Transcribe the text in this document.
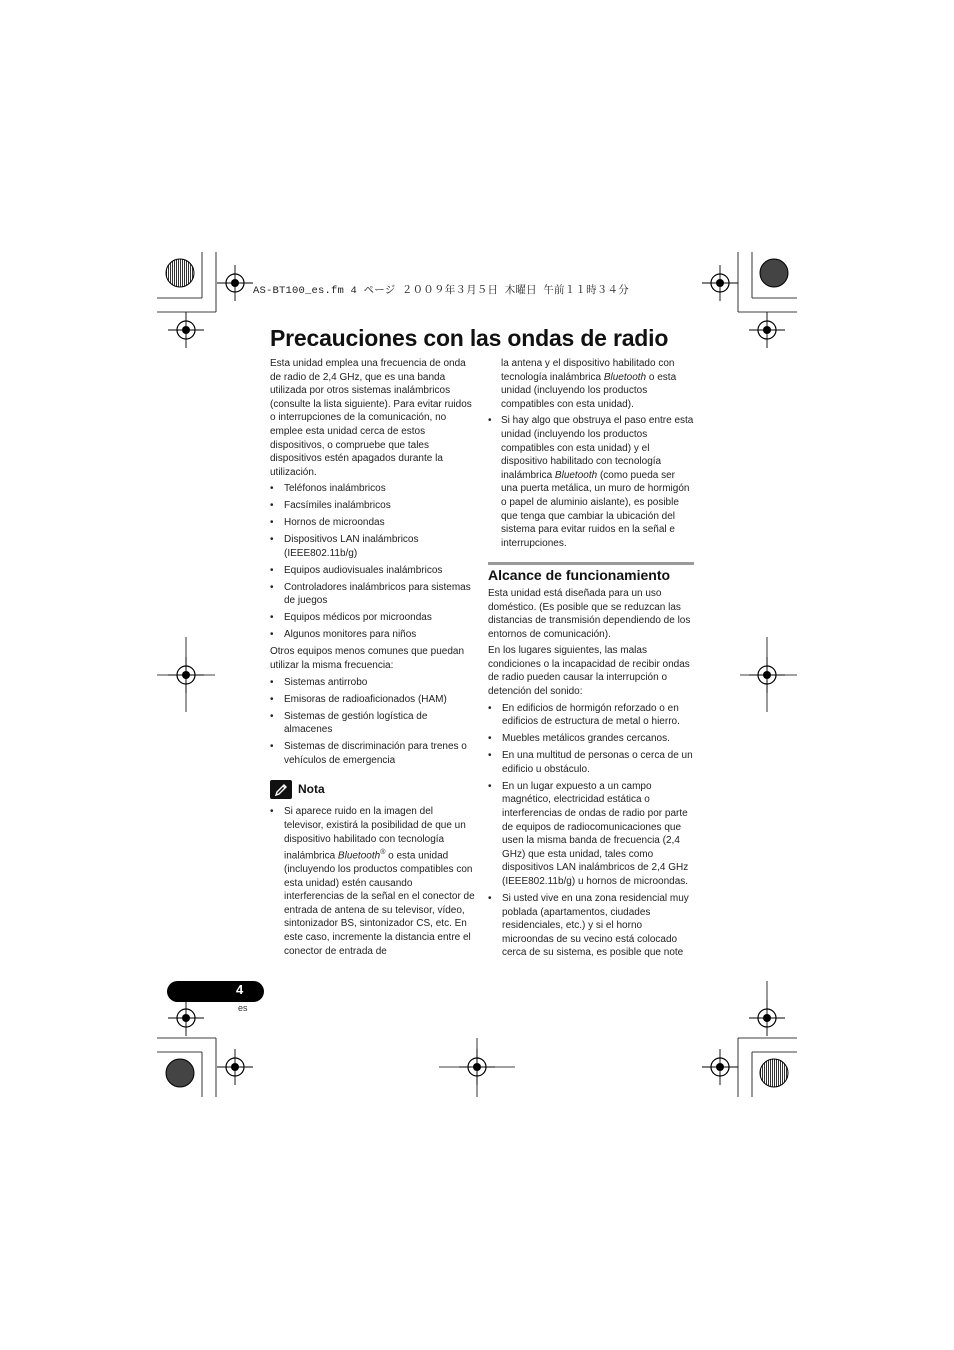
AS-BT100_es.fm 4 ページ ２００９年３月５日 木曜日 午前１１時３４分
Precauciones con las ondas de radio

Esta unidad emplea una frecuencia de onda de radio de 2,4 GHz, que es una banda utilizada por otros sistemas inalámbricos (consulte la lista siguiente). Para evitar ruidos o interrupciones de la comunicación, no emplee esta unidad cerca de estos dispositivos, o compruebe que tales dispositivos estén apagados durante la utilización.

• Teléfonos inalámbricos
• Facsímiles inalámbricos
• Hornos de microondas
• Dispositivos LAN inalámbricos (IEEE802.11b/g)
• Equipos audiovisuales inalámbricos
• Controladores inalámbricos para sistemas de juegos
• Equipos médicos por microondas
• Algunos monitores para niños

Otros equipos menos comunes que puedan utilizar la misma frecuencia:

• Sistemas antirrobo
• Emisoras de radioaficionados (HAM)
• Sistemas de gestión logística de almacenes
• Sistemas de discriminación para trenes o vehículos de emergencia
Nota
• Si aparece ruido en la imagen del televisor, existirá la posibilidad de que un dispositivo habilitado con tecnología inalámbrica Bluetooth® o esta unidad (incluyendo los productos compatibles con esta unidad) estén causando interferencias de la señal en el conector de entrada de antena de su televisor, vídeo, sintonizador BS, sintonizador CS, etc. En este caso, incremente la distancia entre el conector de entrada de

la antena y el dispositivo habilitado con tecnología inalámbrica Bluetooth o esta unidad (incluyendo los productos compatibles con esta unidad).

• Si hay algo que obstruya el paso entre esta unidad (incluyendo los productos compatibles con esta unidad) y el dispositivo habilitado con tecnología inalámbrica Bluetooth (como pueda ser una puerta metálica, un muro de hormigón o papel de aluminio aislante), es posible que tenga que cambiar la ubicación del sistema para evitar ruidos en la señal e interrupciones.
Alcance de funcionamiento

Esta unidad está diseñada para un uso doméstico. (Es posible que se reduzcan las distancias de transmisión dependiendo de los entornos de comunicación).

En los lugares siguientes, las malas condiciones o la incapacidad de recibir ondas de radio pueden causar la interrupción o detención del sonido:

• En edificios de hormigón reforzado o en edificios de estructura de metal o hierro.
• Muebles metálicos grandes cercanos.
• En una multitud de personas o cerca de un edificio u obstáculo.
• En un lugar expuesto a un campo magnético, electricidad estática o interferencias de ondas de radio por parte de equipos de radiocomunicaciones que usen la misma banda de frecuencia (2,4 GHz) que esta unidad, tales como dispositivos LAN inalámbricos de 2,4 GHz (IEEE802.11b/g) u hornos de microondas.
• Si usted vive en una zona residencial muy poblada (apartamentos, ciudades residenciales, etc.) y si el horno microondas de su vecino está colocado cerca de su sistema, es posible que note
4
es
